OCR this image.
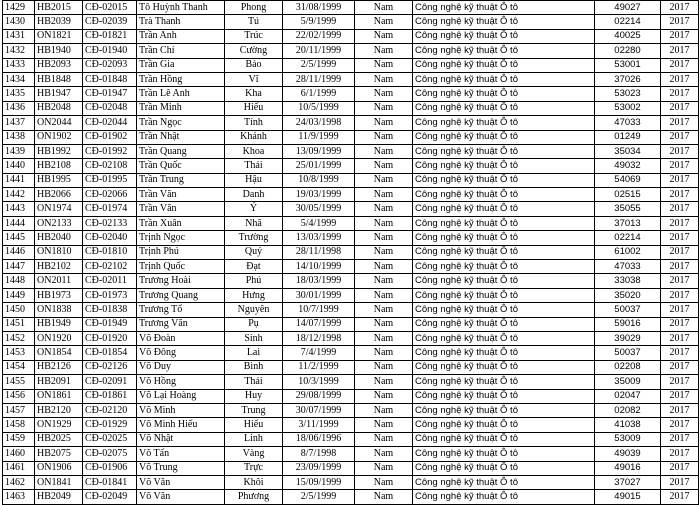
1429	HB2015	CĐ-02015	Tô Huỳnh Thanh	Phong	31/08/1999	Nam	Công nghệ kỹ thuật Ô tô	49027	2017
1430	HB2039	CĐ-02039	Trà Thanh	Tú	5/9/1999	Nam	Công nghệ kỹ thuật Ô tô	02214	2017
1431	ON1821	CĐ-01821	Trần Anh	Trúc	22/02/1999	Nam	Công nghệ kỹ thuật Ô tô	40025	2017
1432	HB1940	CĐ-01940	Trần Chí	Cường	20/11/1999	Nam	Công nghệ kỹ thuật Ô tô	02280	2017
1433	HB2093	CĐ-02093	Trần Gia	Bảo	2/5/1999	Nam	Công nghệ kỹ thuật Ô tô	53001	2017
1434	HB1848	CĐ-01848	Trần Hồng	Vĩ	28/11/1999	Nam	Công nghệ kỹ thuật Ô tô	37026	2017
1435	HB1947	CĐ-01947	Trần Lê Anh	Kha	6/1/1999	Nam	Công nghệ kỹ thuật Ô tô	53023	2017
1436	HB2048	CĐ-02048	Trần Minh	Hiếu	10/5/1999	Nam	Công nghệ kỹ thuật Ô tô	53002	2017
1437	ON2044	CĐ-02044	Trần Ngọc	Tính	24/03/1998	Nam	Công nghệ kỹ thuật Ô tô	47033	2017
1438	ON1902	CĐ-01902	Trần Nhật	Khánh	11/9/1999	Nam	Công nghệ kỹ thuật Ô tô	01249	2017
1439	HB1992	CĐ-01992	Trần Quang	Khoa	13/09/1999	Nam	Công nghệ kỹ thuật Ô tô	35034	2017
1440	HB2108	CĐ-02108	Trần Quốc	Thái	25/01/1999	Nam	Công nghệ kỹ thuật Ô tô	49032	2017
1441	HB1995	CĐ-01995	Trần Trung	Hậu	10/8/1999	Nam	Công nghệ kỹ thuật Ô tô	54069	2017
1442	HB2066	CĐ-02066	Trần Văn	Danh	19/03/1999	Nam	Công nghệ kỹ thuật Ô tô	02515	2017
1443	ON1974	CĐ-01974	Trần Văn	Ý	30/05/1999	Nam	Công nghệ kỹ thuật Ô tô	35055	2017
1444	ON2133	CĐ-02133	Trần Xuân	Nhã	5/4/1999	Nam	Công nghệ kỹ thuật Ô tô	37013	2017
1445	HB2040	CĐ-02040	Trịnh Ngọc	Trường	13/03/1999	Nam	Công nghệ kỹ thuật Ô tô	02214	2017
1446	ON1810	CĐ-01810	Trịnh Phú	Quý	28/11/1998	Nam	Công nghệ kỹ thuật Ô tô	61002	2017
1447	HB2102	CĐ-02102	Trịnh Quốc	Đạt	14/10/1999	Nam	Công nghệ kỹ thuật Ô tô	47033	2017
1448	ON2011	CĐ-02011	Trương Hoài	Phú	18/03/1999	Nam	Công nghệ kỹ thuật Ô tô	33038	2017
1449	HB1973	CĐ-01973	Trương Quang	Hưng	30/01/1999	Nam	Công nghệ kỹ thuật Ô tô	35020	2017
1450	ON1838	CĐ-01838	Trương Tổ	Nguyên	10/7/1999	Nam	Công nghệ kỹ thuật Ô tô	50037	2017
1451	HB1949	CĐ-01949	Trương Văn	Pụ	14/07/1999	Nam	Công nghệ kỹ thuật Ô tô	59016	2017
1452	ON1920	CĐ-01920	Võ Đoàn	Sinh	18/12/1998	Nam	Công nghệ kỹ thuật Ô tô	39029	2017
1453	ON1854	CĐ-01854	Võ Đông	Lai	7/4/1999	Nam	Công nghệ kỹ thuật Ô tô	50037	2017
1454	HB2126	CĐ-02126	Võ Duy	Bình	11/2/1999	Nam	Công nghệ kỹ thuật Ô tô	02208	2017
1455	HB2091	CĐ-02091	Võ Hồng	Thái	10/3/1999	Nam	Công nghệ kỹ thuật Ô tô	35009	2017
1456	ON1861	CĐ-01861	Võ Lại Hoàng	Huy	29/08/1999	Nam	Công nghệ kỹ thuật Ô tô	02047	2017
1457	HB2120	CĐ-02120	Võ Minh	Trung	30/07/1999	Nam	Công nghệ kỹ thuật Ô tô	02082	2017
1458	ON1929	CĐ-01929	Võ Minh Hiếu	Hiếu	3/11/1999	Nam	Công nghệ kỹ thuật Ô tô	41038	2017
1459	HB2025	CĐ-02025	Võ Nhật	Linh	18/06/1996	Nam	Công nghệ kỹ thuật Ô tô	53009	2017
1460	HB2075	CĐ-02075	Võ Tấn	Vàng	8/7/1998	Nam	Công nghệ kỹ thuật Ô tô	49039	2017
1461	ON1906	CĐ-01906	Võ Trung	Trực	23/09/1999	Nam	Công nghệ kỹ thuật Ô tô	49016	2017
1462	ON1841	CĐ-01841	Võ Văn	Khôi	15/09/1999	Nam	Công nghệ kỹ thuật Ô tô	37027	2017
1463	HB2049	CĐ-02049	Võ Văn	Phương	2/5/1999	Nam	Công nghệ kỹ thuật Ô tô	49015	2017
